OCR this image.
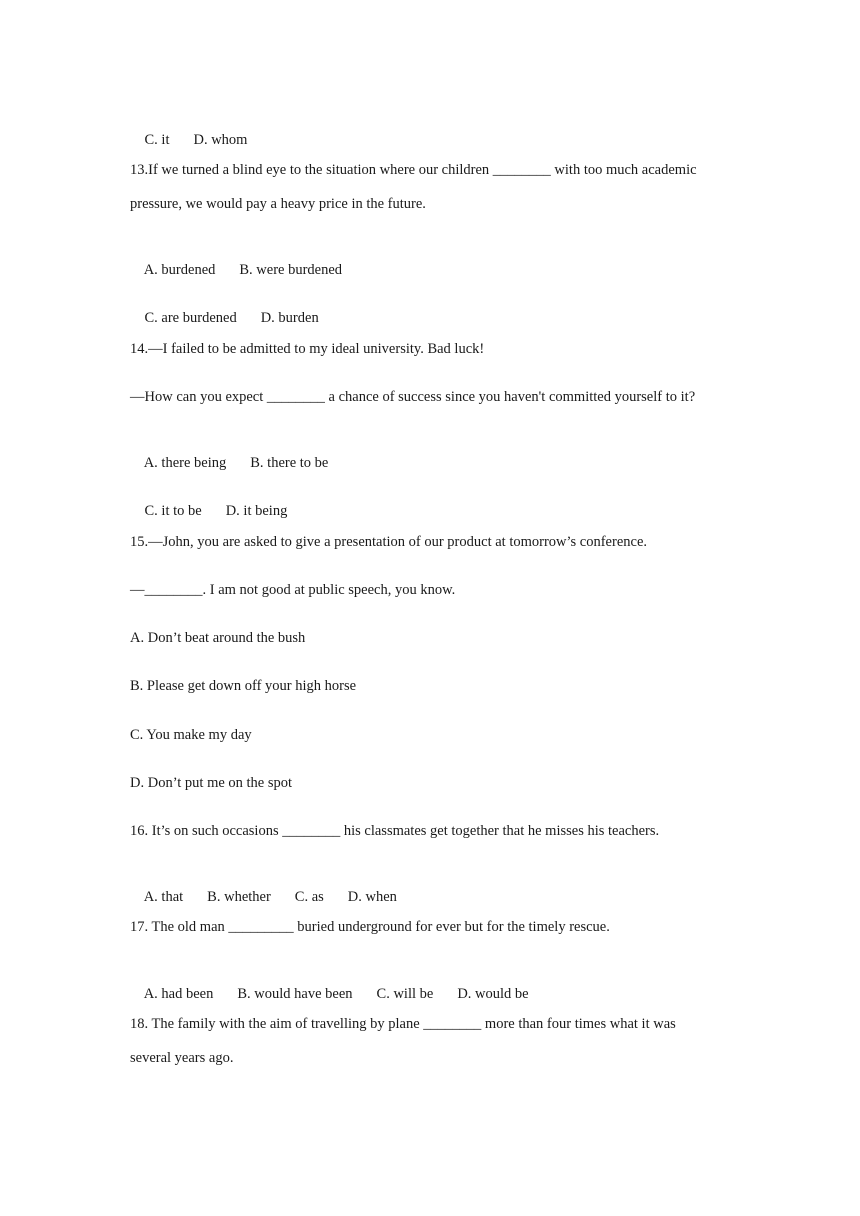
C. it D. whom

13.If we turned a blind eye to the situation where our children ________ with too much academic
pressure, we would pay a heavy price in the future.

A. burdened B. were burdened

C. are burdened D. burden

14.—I failed to be admitted to my ideal university. Bad luck!
—How can you expect ________ a chance of success since you haven't committed yourself to it?

A. there being B. there to be

C. it to be D. it being

15.—John, you are asked to give a presentation of our product at tomorrow’s conference.
—________. I am not good at public speech, you know.
A. Don’t beat around the bush
B. Please get down off your high horse
C. You make my day
D. Don’t put me on the spot
16. It’s on such occasions ________ his classmates get together that he misses his teachers.

A. that B. whether C. as D. when

17. The old man _________ buried underground for ever but for the timely rescue.

A. had been B. would have been C. will be D. would be

18. The family with the aim of travelling by plane ________ more than four times what it was
several years ago.
